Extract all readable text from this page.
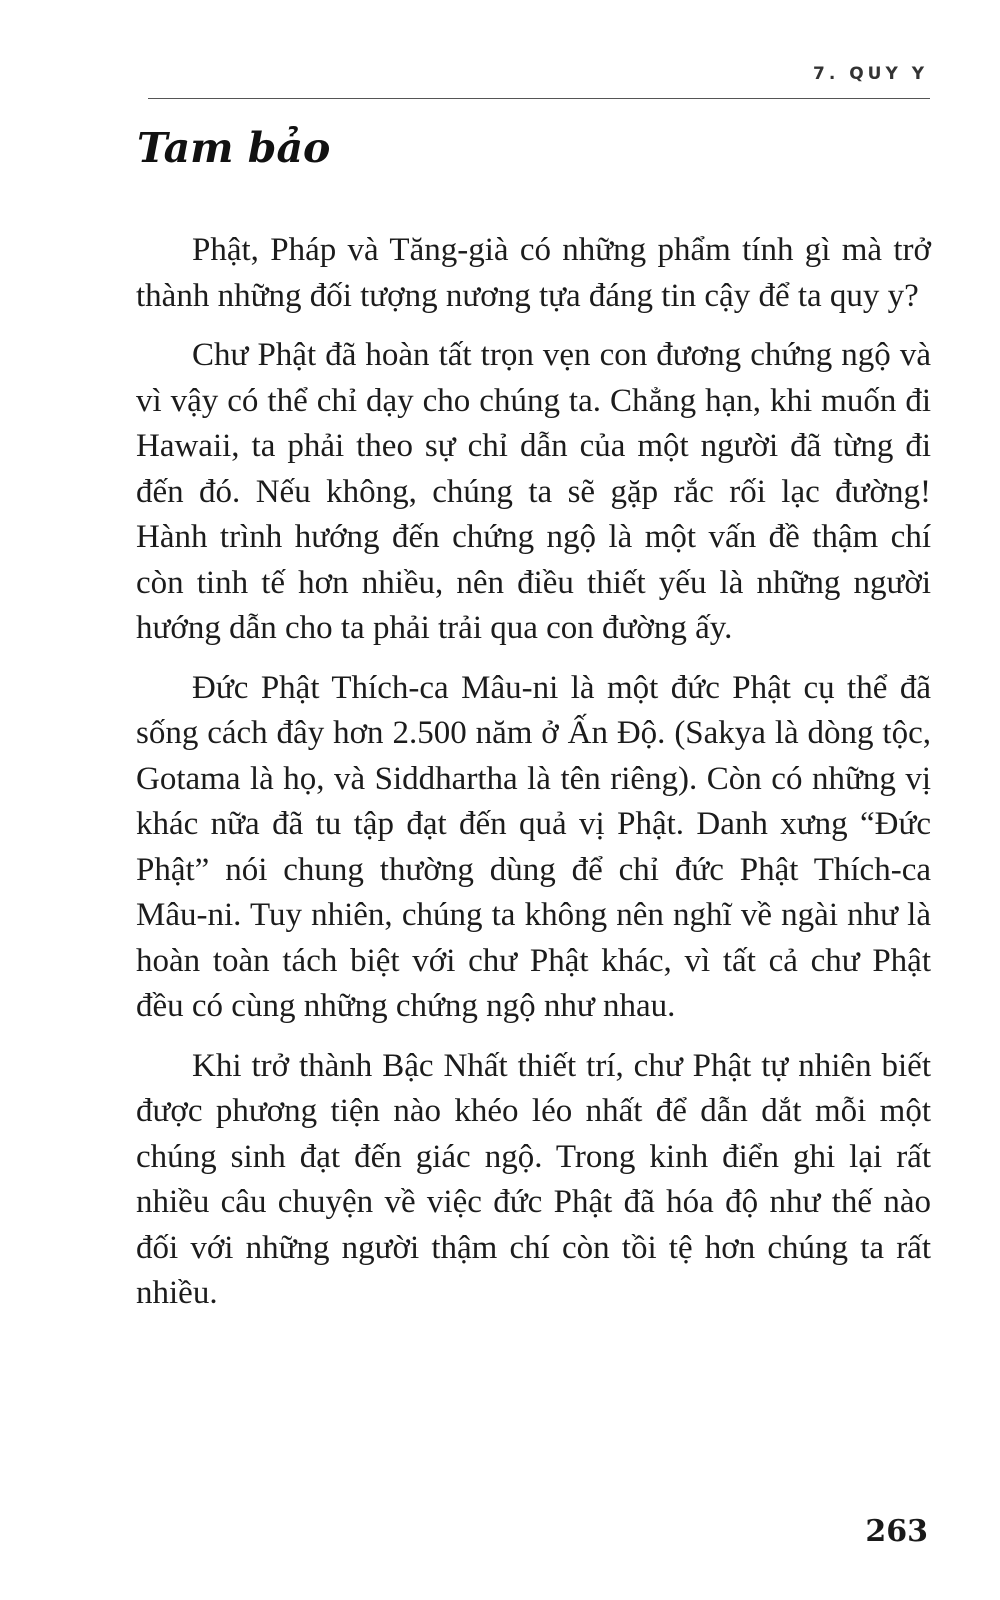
7. QUY Y
Tam bảo

Phật, Pháp và Tăng-già có những phẩm tính gì mà trở thành những đối tượng nương tựa đáng tin cậy để ta quy y?

Chư Phật đã hoàn tất trọn vẹn con đương chứng ngộ và vì vậy có thể chỉ dạy cho chúng ta. Chẳng hạn, khi muốn đi Hawaii, ta phải theo sự chỉ dẫn của một người đã từng đi đến đó. Nếu không, chúng ta sẽ gặp rắc rối lạc đường! Hành trình hướng đến chứng ngộ là một vấn đề thậm chí còn tinh tế hơn nhiều, nên điều thiết yếu là những người hướng dẫn cho ta phải trải qua con đường ấy.

Đức Phật Thích-ca Mâu-ni là một đức Phật cụ thể đã sống cách đây hơn 2.500 năm ở Ấn Độ. (Sakya là dòng tộc, Gotama là họ, và Siddhartha là tên riêng). Còn có những vị khác nữa đã tu tập đạt đến quả vị Phật. Danh xưng “Đức Phật” nói chung thường dùng để chỉ đức Phật Thích-ca Mâu-ni. Tuy nhiên, chúng ta không nên nghĩ về ngài như là hoàn toàn tách biệt với chư Phật khác, vì tất cả chư Phật đều có cùng những chứng ngộ như nhau.

Khi trở thành Bậc Nhất thiết trí, chư Phật tự nhiên biết được phương tiện nào khéo léo nhất để dẫn dắt mỗi một chúng sinh đạt đến giác ngộ. Trong kinh điển ghi lại rất nhiều câu chuyện về việc đức Phật đã hóa độ như thế nào đối với những người thậm chí còn tồi tệ hơn chúng ta rất nhiều.

263
